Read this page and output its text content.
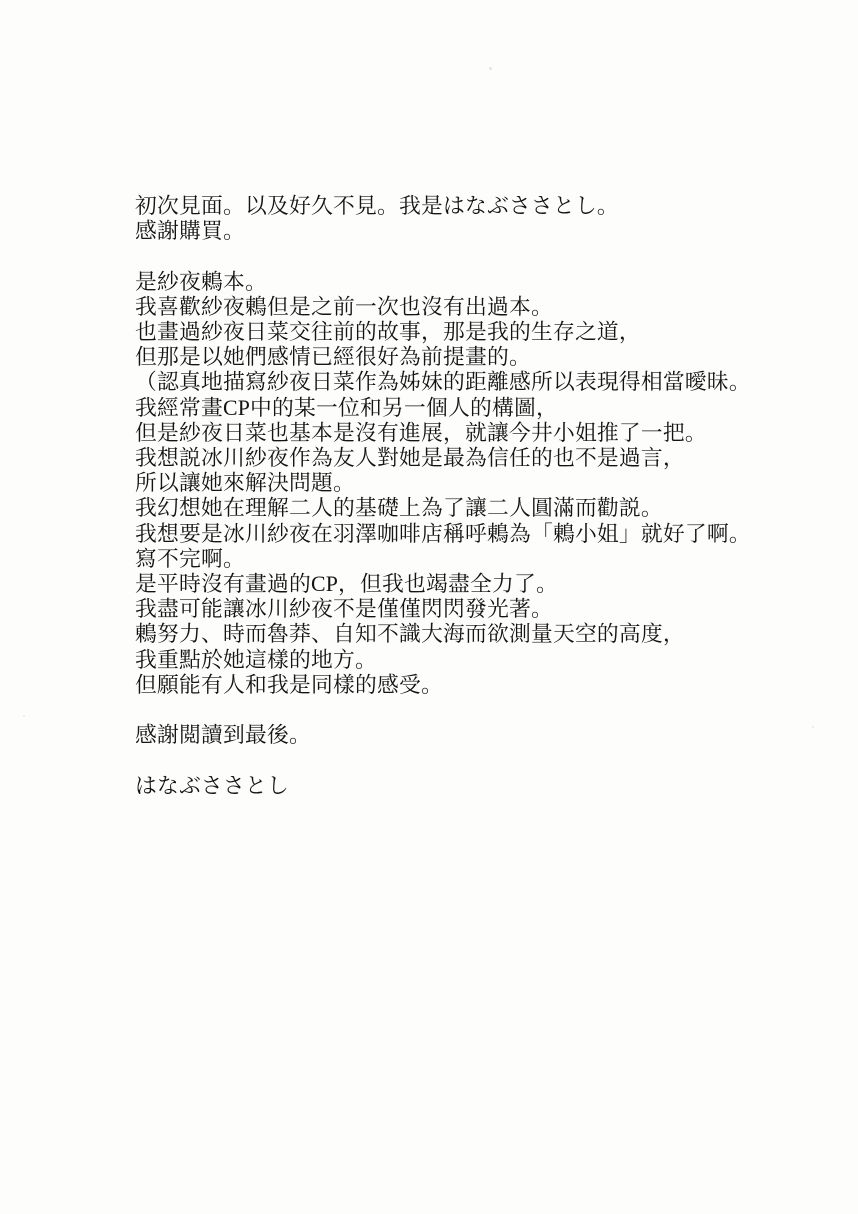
初次見面。以及好久不見。我是はなぶささとし。
感謝購買。
是紗夜鶇本。
我喜歡紗夜鶇但是之前一次也沒有出過本。
也畫過紗夜日菜交往前的故事，那是我的生存之道，
但那是以她們感情已經很好為前提畫的。
（認真地描寫紗夜日菜作為姊妹的距離感所以表現得相當曖昧。
我經常畫CP中的某一位和另一個人的構圖，
但是紗夜日菜也基本是沒有進展，就讓今井小姐推了一把。
我想説冰川紗夜作為友人對她是最為信任的也不是過言，
所以讓她來解決問題。
我幻想她在理解二人的基礎上為了讓二人圓滿而勸説。
我想要是冰川紗夜在羽澤咖啡店稱呼鶇為「鶇小姐」就好了啊。
寫不完啊。
是平時沒有畫過的CP，但我也竭盡全力了。
我盡可能讓冰川紗夜不是僅僅閃閃發光著。
鶇努力、時而魯莽、自知不識大海而欲測量天空的高度，
我重點於她這樣的地方。
但願能有人和我是同樣的感受。
感謝閲讀到最後。
はなぶささとし
